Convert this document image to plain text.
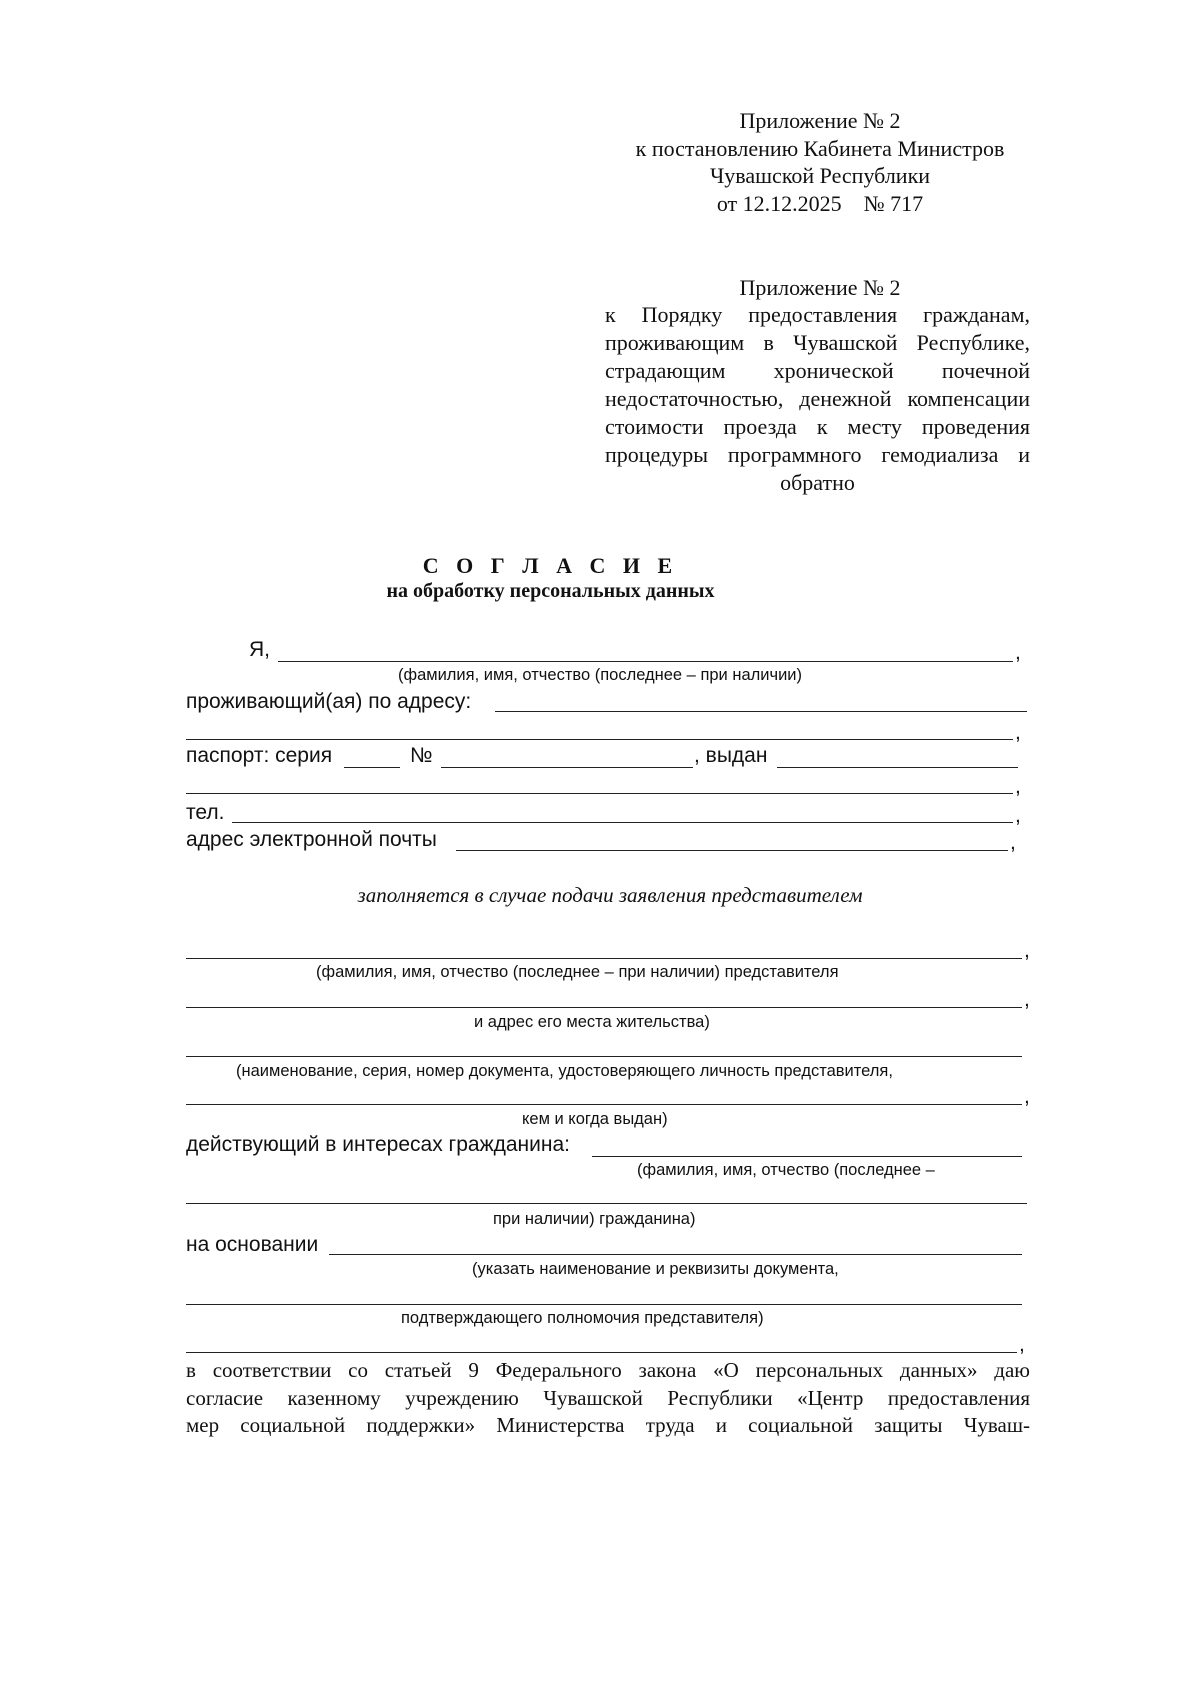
Приложение № 2
к постановлению Кабинета Министров
Чувашской Республики
от 12.12.2025    № 717
Приложение № 2
к Порядку предоставления гражданам, проживающим в Чувашской Республике, страдающим хронической почечной недостаточностью, денежной компенсации стоимости проезда к месту проведения процедуры программного гемодиализа и обратно
С О Г Л А С И Е
на обработку персональных данных
Я,	,
(фамилия, имя, отчество (последнее – при наличии)
проживающий(ая) по адресу:
,
паспорт: серия	№	, выдан
,
тел.	,
адрес электронной почты	,
заполняется в случае подачи заявления представителем
,
(фамилия, имя, отчество (последнее – при наличии) представителя
,
и адрес его места жительства)
(наименование, серия, номер документа, удостоверяющего личность представителя,
,
кем и когда выдан)
действующий в интересах гражданина:
(фамилия, имя, отчество (последнее –
при наличии) гражданина)
на основании
(указать наименование и реквизиты документа,
подтверждающего полномочия представителя)
,
в соответствии со статьей 9 Федерального закона «О персональных данных» даю
согласие казенному учреждению Чувашской Республики «Центр предоставления
мер социальной поддержки» Министерства труда и социальной защиты Чуваш-
